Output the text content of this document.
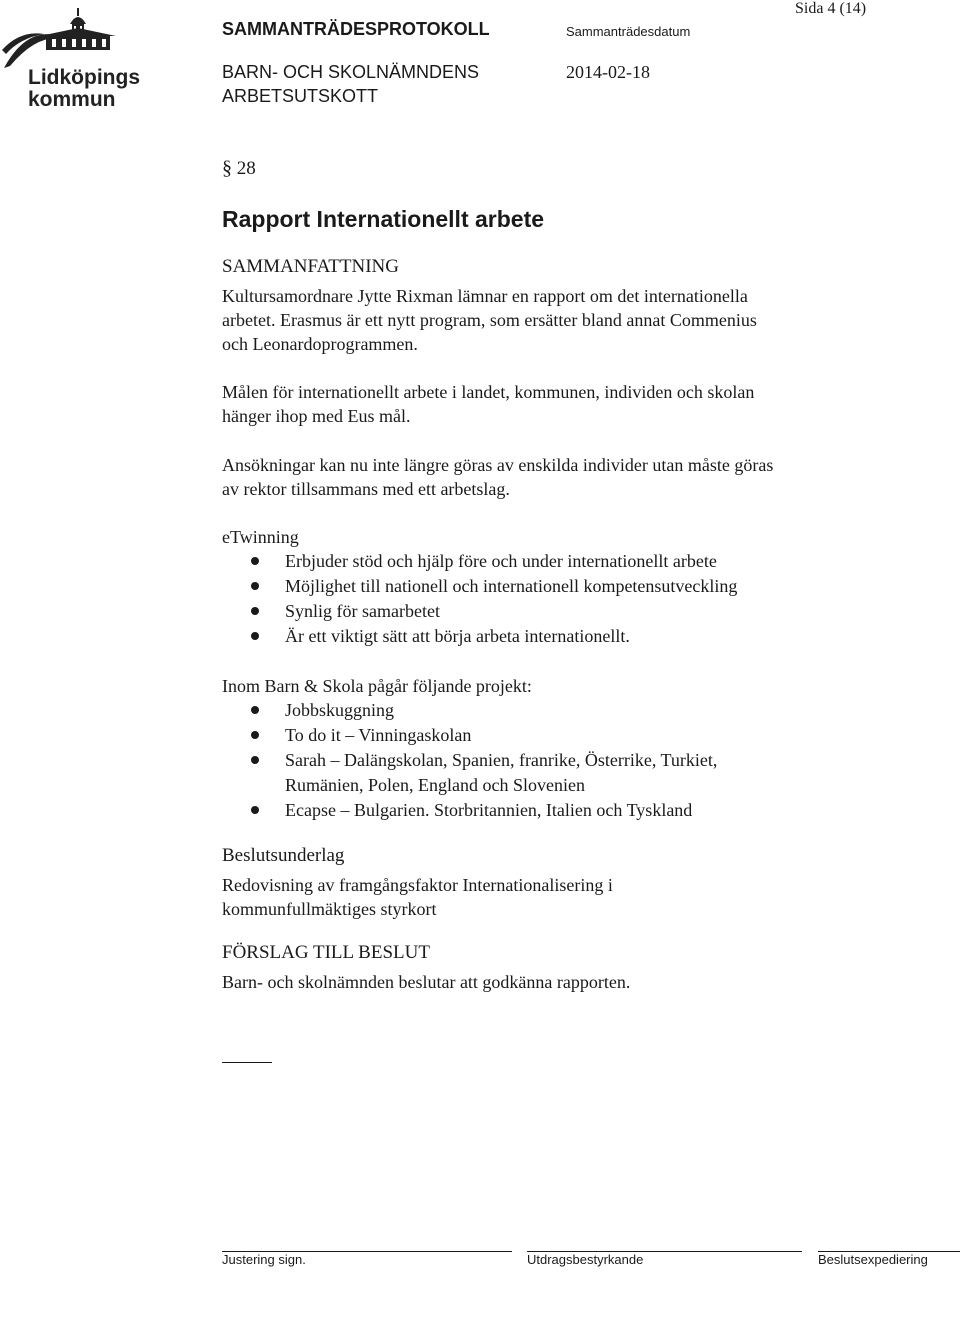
Lidköpings
kommun
SAMMANTRÄDESPROTOKOLL	Sammanträdesdatum
Sida 4 (14)
BARN- OCH SKOLNÄMNDENS
ARBETSUTSKOTT
2014-02-18
§ 28
Rapport Internationellt arbete
SAMMANFATTNING
Kultursamordnare Jytte Rixman lämnar en rapport om det internationella
arbetet. Erasmus är ett nytt program, som ersätter bland annat Commenius
och Leonardoprogrammen.
Målen för internationellt arbete i landet, kommunen, individen och skolan
hänger ihop med Eus mål.
Ansökningar kan nu inte längre göras av enskilda individer utan måste göras
av rektor tillsammans med ett arbetslag.
eTwinning
Erbjuder stöd och hjälp före och under internationellt arbete
Möjlighet till nationell och internationell kompetensutveckling
Synlig för samarbetet
Är ett viktigt sätt att börja arbeta internationellt.
Inom Barn & Skola pågår följande projekt:
Jobbskuggning
To do it – Vinningaskolan
Sarah – Dalängskolan, Spanien, franrike, Österrike, Turkiet,
Rumänien, Polen, England och Slovenien
Ecapse – Bulgarien. Storbritannien, Italien och Tyskland
Beslutsunderlag
Redovisning av framgångsfaktor Internationalisering i
kommunfullmäktiges styrkort
FÖRSLAG TILL BESLUT
Barn- och skolnämnden beslutar att godkänna rapporten.
Justering sign.	Utdragsbestyrkande	Beslutsexpediering
